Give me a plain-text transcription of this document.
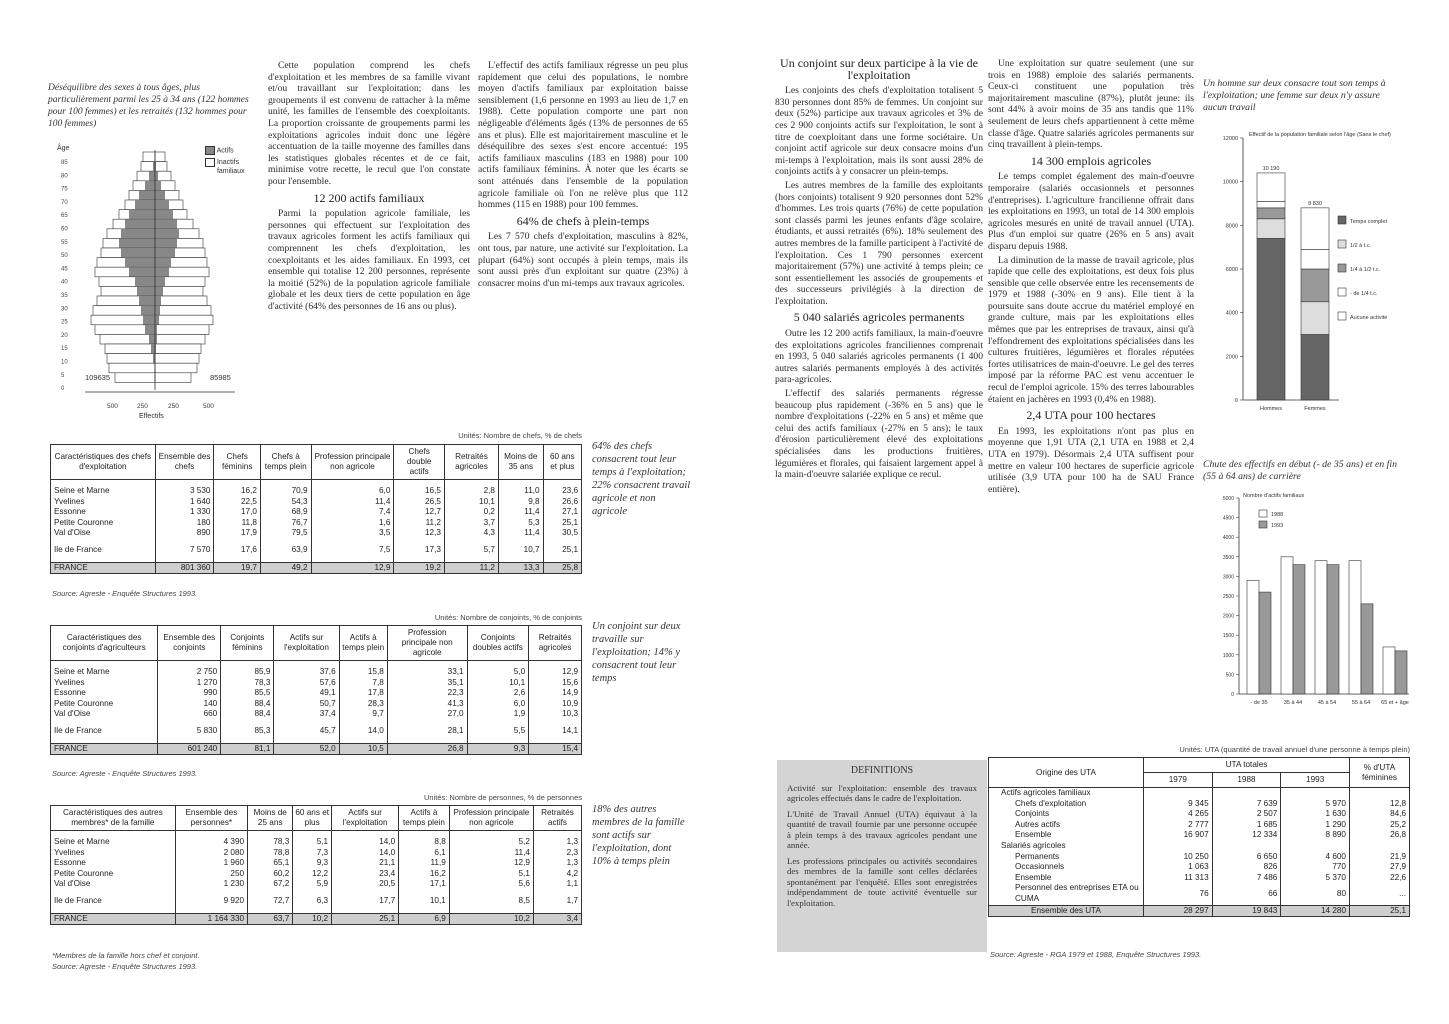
Déséquilibre des sexes à tous âges, plus particulièrement parmi les 25 à 34 ans (122 hommes pour 100 femmes) et les retraités (132 hommes pour 100 femmes)
Âge
85
80
75
70
65
60
55
50
45
40
35
30
25
20
15
10
5
0
109635	85985
500	250	250	500
Effectifs
Actifs
Inactifs familiaux

Cette population comprend les chefs d'exploitation et les membres de sa famille vivant et/ou travaillant sur l'exploitation; dans les groupements il est convenu de rattacher à la même unité, les familles de l'ensemble des coexploitants. La proportion croissante de groupements parmi les exploitations agricoles induit donc une légère accentuation de la taille moyenne des familles dans les statistiques globales récentes et de ce fait, minimise votre recette, le recul que l'on constate pour l'ensemble.

12 200 actifs familiaux

Parmi la population agricole familiale, les personnes qui effectuent sur l'exploitation des travaux agricoles forment les actifs familiaux qui comprennent les chefs d'exploitation, les coexploitants et les aides familiaux. En 1993, cet ensemble qui totalise 12 200 personnes, représente la moitié (52%) de la population agricole familiale globale et les deux tiers de cette population en âge d'activité (64% des personnes de 16 ans ou plus).

L'effectif des actifs familiaux régresse un peu plus rapidement que celui des populations, le nombre moyen d'actifs familiaux par exploitation baisse sensiblement (1,6 personne en 1993 au lieu de 1,7 en 1988). Cette population comporte une part non négligeable d'éléments âgés (13% de personnes de 65 ans et plus). Elle est majoritairement masculine et le déséquilibre des sexes s'est encore accentué: 195 actifs familiaux masculins (183 en 1988) pour 100 actifs familiaux féminins. À noter que les écarts se sont atténués dans l'ensemble de la population agricole familiale où l'on ne relève plus que 112 hommes (115 en 1988) pour 100 femmes.

64% de chefs à plein-temps

Les 7 570 chefs d'exploitation, masculins à 82%, ont tous, par nature, une activité sur l'exploitation. La plupart (64%) sont occupés à plein temps, mais ils sont aussi près d'un exploitant sur quatre (23%) à consacrer moins d'un mi-temps aux travaux agricoles.

Unités: Nombre de chefs, % de chefs
Caractéristiques des chefs d'exploitation	Ensemble des chefs	Chefs féminins	Chefs à temps plein	Profession principale non agricole	Chefs double actifs	Retraités agricoles	Moins de 35 ans	60 ans et plus

Seine et Marne	3 530	16,2	70,9	6,0	16,5	2,8	11,0	23,6
Yvelines	1 640	22,5	54,3	11,4	26,5	10,1	9,8	26,6
Essonne	1 330	17,0	68,9	7,4	12,7	0,2	11,4	27,1
Petite Couronne	180	11,8	76,7	1,6	11,2	3,7	5,3	25,1
Val d'Oise	890	17,9	79,5	3,5	12,3	4,3	11,4	30,5

Ile de France	7 570	17,6	63,9	7,5	17,3	5,7	10,7	25,1

FRANCE	801 360	19,7	49,2	12,9	19,2	11,2	13,3	25,8
Source: Agreste - Enquête Structures 1993.
64% des chefs consacrent tout leur temps à l'exploitation; 22% consacrent travail agricole et non agricole
Unités: Nombre de conjoints, % de conjoints
Caractéristiques des conjoints d'agriculteurs	Ensemble des conjoints	Conjoints féminins	Actifs sur l'exploitation	Actifs à temps plein	Profession principale non agricole	Conjoints doubles actifs	Retraités agricoles

Seine et Marne	2 750	85,9	37,6	15,8	33,1	5,0	12,9
Yvelines	1 270	78,3	57,6	7,8	35,1	10,1	15,6
Essonne	990	85,5	49,1	17,8	22,3	2,6	14,9
Petite Couronne	140	88,4	50,7	28,3	41,3	6,0	10,9
Val d'Oise	660	88,4	37,4	9,7	27,0	1,9	10,3

Ile de France	5 830	85,3	45,7	14,0	28,1	5,5	14,1

FRANCE	601 240	81,1	52,0	10,5	26,8	9,3	15,4
Source: Agreste - Enquête Structures 1993.
Un conjoint sur deux travaille sur l'exploitation; 14% y consacrent tout leur temps
Unités: Nombre de personnes, % de personnes
Caractéristiques des autres membres* de la famille	Ensemble des personnes*	Moins de 25 ans	60 ans et plus	Actifs sur l'exploitation	Actifs à temps plein	Profession principale non agricole	Retraités actifs

Seine et Marne	4 390	78,3	5,1	14,0	8,8	5,2	1,3
Yvelines	2 080	78,8	7,3	14,0	6,1	11,4	2,3
Essonne	1 960	65,1	9,3	21,1	11,9	12,9	1,3
Petite Couronne	250	60,2	12,2	23,4	16,2	5,1	4,2
Val d'Oise	1 230	67,2	5,9	20,5	17,1	5,6	1,1

Ile de France	9 920	72,7	6,3	17,7	10,1	8,5	1,7

FRANCE	1 164 330	63,7	10,2	25,1	6,9	10,2	3,4
*Membres de la famille hors chef et conjoint.
Source: Agreste - Enquête Structures 1993.
18% des autres membres de la famille sont actifs sur l'exploitation, dont 10% à temps plein
Un conjoint sur deux participe à la vie de l'exploitation

Les conjoints des chefs d'exploitation totalisent 5 830 personnes dont 85% de femmes. Un conjoint sur deux (52%) participe aux travaux agricoles et 3% de ces 2 900 conjoints actifs sur l'exploitation, le sont à titre de coexploitant dans une forme sociétaire. Un conjoint actif agricole sur deux consacre moins d'un mi-temps à l'exploitation, mais ils sont aussi 28% de conjoints actifs à y consacrer un plein-temps.

Les autres membres de la famille des exploitants (hors conjoints) totalisent 9 920 personnes dont 52% d'hommes. Les trois quarts (76%) de cette population sont classés parmi les jeunes enfants d'âge scolaire, étudiants, et aussi retraités (6%). 18% seulement des autres membres de la famille participent à l'activité de l'exploitation. Ces 1 790 personnes exercent majoritairement (57%) une activité à temps plein; ce sont essentiellement les associés de groupements et des successeurs privilégiés à la direction de l'exploitation.

5 040 salariés agricoles permanents

Outre les 12 200 actifs familiaux, la main-d'oeuvre des exploitations agricoles franciliennes comprenait en 1993, 5 040 salariés agricoles permanents (1 400 autres salariés permanents employés à des activités para-agricoles.

L'effectif des salariés permanents régresse beaucoup plus rapidement (-36% en 5 ans) que le nombre d'exploitations (-22% en 5 ans) et même que celui des actifs familiaux (-27% en 5 ans); le taux d'érosion particulièrement élevé des exploitations spécialisées dans les productions fruitières, légumières et florales, qui faisaient largement appel à la main-d'oeuvre salariée explique ce recul.

Une exploitation sur quatre seulement (une sur trois en 1988) emploie des salariés permanents. Ceux-ci constituent une population très majoritairement masculine (87%), plutôt jeune: ils sont 44% à avoir moins de 35 ans tandis que 11% seulement de leurs chefs appartiennent à cette même classe d'âge. Quatre salariés agricoles permanents sur cinq travaillent à plein-temps.

14 300 emplois agricoles

Le temps complet également des main-d'oeuvre temporaire (salariés occasionnels et personnes d'entreprises). L'agriculture francilienne offrait dans les exploitations en 1993, un total de 14 300 emplois agricoles mesurés en unité de travail annuel (UTA). Plus d'un emploi sur quatre (26% en 5 ans) avait disparu depuis 1988.

La diminution de la masse de travail agricole, plus rapide que celle des exploitations, est deux fois plus sensible que celle observée entre les recensements de 1979 et 1988 (-30% en 9 ans). Elle tient à la poursuite sans doute accrue du matériel employé en grande culture, mais par les exploitations elles mêmes que par les entreprises de travaux, ainsi qu'à l'effondrement des exploitations spécialisées dans les cultures fruitières, légumières et florales réputées fortes utilisatrices de main-d'oeuvre. Le gel des terres imposé par la réforme PAC est venu accentuer le recul de l'emploi agricole. 15% des terres labourables étaient en jachères en 1993 (0,4% en 1988).

2,4 UTA pour 100 hectares

En 1993, les exploitations n'ont pas plus en moyenne que 1,91 UTA (2,1 UTA en 1988 et 2,4 UTA en 1979). Désormais 2,4 UTA suffisent pour mettre en valeur 100 hectares de superficie agricole utilisée (3,9 UTA pour 100 ha de SAU France entière).

Un homme sur deux consacre tout son temps à l'exploitation; une femme sur deux n'y assure aucun travail
0
2000
4000
6000
8000
10000
12000
Effectif de la population familiale selon l'âge (Sans le chef)
10 190
Hommes
8 830
Femmes
Temps complet
1/2 à t.c.
1/4 à 1/2 t.c.
- de 1/4 t.c.
Aucune activité
Chute des effectifs en début (- de 35 ans) et en fin (55 à 64 ans) de carrière
0
500
1000
1500
2000
2500
3000
3500
4000
4500
5000 Nombre d'actifs familiaux
- de 35	35 à 44	45 à 54	55 à 64 65 et + âge
1988
1993
DEFINITIONS

Activité sur l'exploitation: ensemble des travaux agricoles effectués dans le cadre de l'exploitation.

L'Unité de Travail Annuel (UTA) équivaut à la quantité de travail fournie par une personne occupée à plein temps à des travaux agricoles pendant une année.

Les professions principales ou activités secondaires des membres de la famille sont celles déclarées spontanément par l'enquêté. Elles sont enregistrées indépendamment de toute activité éventuelle sur l'exploitation.

Unités: UTA (quantité de travail annuel d'une personne à temps plein)
Origine des UTA	UTA totales			% d'UTA féminines
	1979	1988	1993	
Actifs agricoles familiaux				
Chefs d'exploitation	9 345	7 639	5 970	12,8
Conjoints	4 265	2 507	1 630	84,6
Autres actifs	2 777	1 685	1 290	25,2
Ensemble	16 907	12 334	8 890	26,8
Salariés agricoles				
Permanents	10 250	6 650	4 600	21,9
Occasionnels	1 063	826	770	27,9
Ensemble	11 313	7 486	5 370	22,6
Personnel des entreprises ETA ou CUMA	76	66	80	...
Ensemble des UTA	28 297	19 843	14 280	25,1
Source: Agreste - RGA 1979 et 1988, Enquête Structures 1993.
